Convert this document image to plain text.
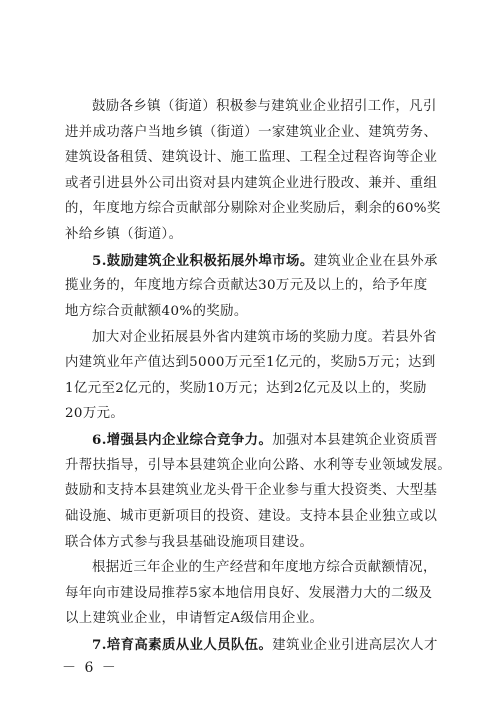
鼓励各乡镇（街道）积极参与建筑业企业招引工作，凡引
进并成功落户当地乡镇（街道）一家建筑业企业、建筑劳务、
建筑设备租赁、建筑设计、施工监理、工程全过程咨询等企业
或者引进县外公司出资对县内建筑企业进行股改、兼并、重组
的，年度地方综合贡献部分剔除对企业奖励后，剩余的60%奖
补给乡镇（街道）。
5.鼓励建筑企业积极拓展外埠市场。建筑业企业在县外承
揽业务的，年度地方综合贡献达30万元及以上的，给予年度
地方综合贡献额40%的奖励。
加大对企业拓展县外省内建筑市场的奖励力度。若县外省
内建筑业年产值达到5000万元至1亿元的，奖励5万元；达到
1亿元至2亿元的，奖励10万元；达到2亿元及以上的，奖励
20万元。
6.增强县内企业综合竞争力。加强对本县建筑企业资质晋
升帮扶指导，引导本县建筑企业向公路、水利等专业领域发展。
鼓励和支持本县建筑业龙头骨干企业参与重大投资类、大型基
础设施、城市更新项目的投资、建设。支持本县企业独立或以
联合体方式参与我县基础设施项目建设。
根据近三年企业的生产经营和年度地方综合贡献额情况，
每年向市建设局推荐5家本地信用良好、发展潜力大的二级及
以上建筑业企业，申请暂定A级信用企业。
7.培育高素质从业人员队伍。建筑业企业引进高层次人才
－ 6 －
